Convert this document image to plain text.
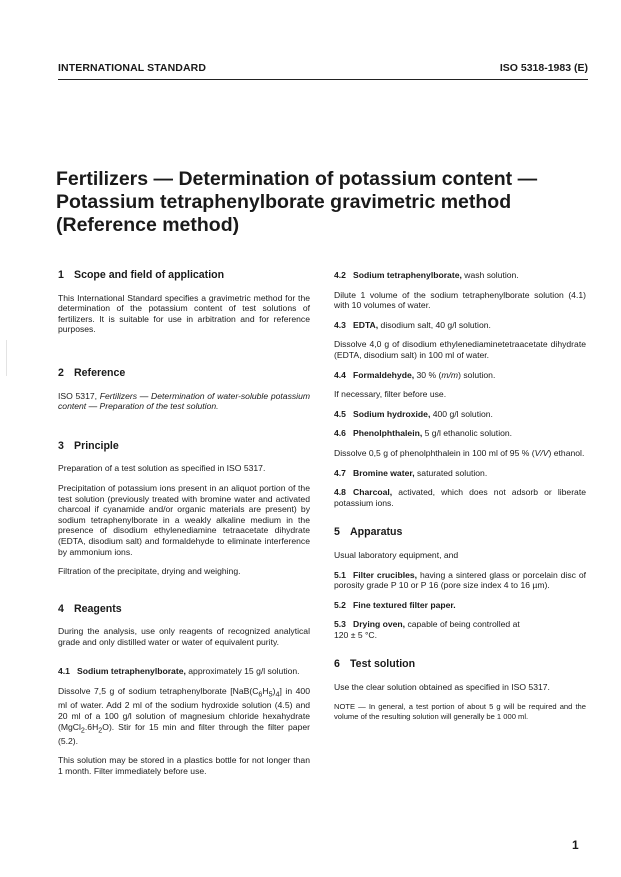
INTERNATIONAL STANDARD	ISO 5318-1983 (E)
Fertilizers — Determination of potassium content —
Potassium tetraphenylborate gravimetric method
(Reference method)
1 Scope and field of application
This International Standard specifies a gravimetric method for the determination of the potassium content of test solutions of fertilizers. It is suitable for use in arbitration and for reference purposes.
2 Reference
ISO 5317, Fertilizers — Determination of water-soluble potassium content — Preparation of the test solution.
3 Principle
Preparation of a test solution as specified in ISO 5317.
Precipitation of potassium ions present in an aliquot portion of the test solution (previously treated with bromine water and activated charcoal if cyanamide and/or organic materials are present) by sodium tetraphenylborate in a weakly alkaline medium in the presence of disodium ethylenediamine tetraacetate dihydrate (EDTA, disodium salt) and formaldehyde to eliminate interference by ammonium ions.
Filtration of the precipitate, drying and weighing.
4 Reagents
During the analysis, use only reagents of recognized analytical grade and only distilled water or water of equivalent purity.
4.1 Sodium tetraphenylborate, approximately 15 g/l solution.
Dissolve 7,5 g of sodium tetraphenylborate $[NaB(C_6H_5)_4]$ in 400 ml of water. Add 2 ml of the sodium hydroxide solution (4.5) and 20 ml of a 100 g/l solution of magnesium chloride hexahydrate $(MgCl_2.6H_2O)$. Stir for 15 min and filter through the filter paper (5.2).
This solution may be stored in a plastics bottle for not longer than 1 month. Filter immediately before use.
4.2 Sodium tetraphenylborate, wash solution.
Dilute 1 volume of the sodium tetraphenylborate solution (4.1) with 10 volumes of water.
4.3 EDTA, disodium salt, 40 g/l solution.
Dissolve 4,0 g of disodium ethylenediaminetetraacetate dihydrate (EDTA, disodium salt) in 100 ml of water.
4.4 Formaldehyde, 30 % (m/m) solution.
If necessary, filter before use.
4.5 Sodium hydroxide, 400 g/l solution.
4.6 Phenolphthalein, 5 g/l ethanolic solution.
Dissolve 0,5 g of phenolphthalein in 100 ml of 95 % (V/V) ethanol.
4.7 Bromine water, saturated solution.
4.8 Charcoal, activated, which does not adsorb or liberate potassium ions.
5 Apparatus
Usual laboratory equipment, and
5.1 Filter crucibles, having a sintered glass or porcelain disc of porosity grade P 10 or P 16 (pore size index 4 to 16 µm).
5.2 Fine textured filter paper.
5.3 Drying oven, capable of being controlled at
120 ± 5 °C.
6 Test solution
Use the clear solution obtained as specified in ISO 5317.
NOTE — In general, a test portion of about 5 g will be required and the volume of the resulting solution will generally be 1 000 ml.
1
